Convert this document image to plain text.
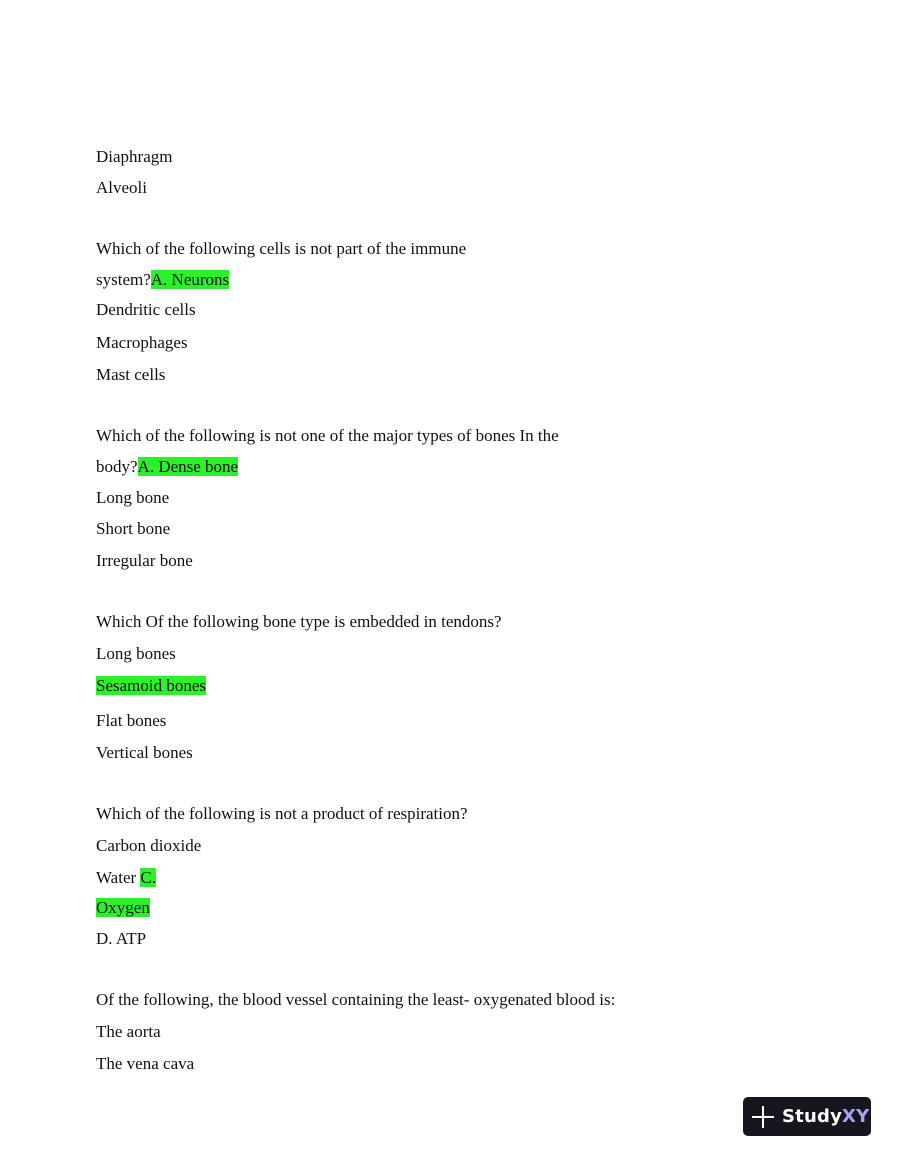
Diaphragm
Alveoli
Which of the following cells is not part of the immune
system?A. Neurons
Dendritic cells
Macrophages
Mast cells
Which of the following is not one of the major types of bones In the
body?A. Dense bone
Long bone
Short bone
Irregular bone
Which Of the following bone type is embedded in tendons?
Long bones
Sesamoid bones
Flat bones
Vertical bones
Which of the following is not a product of respiration?
Carbon dioxide
Water C.
Oxygen
D. ATP
Of the following, the blood vessel containing the least- oxygenated blood is:
The aorta
The vena cava
StudyXY
